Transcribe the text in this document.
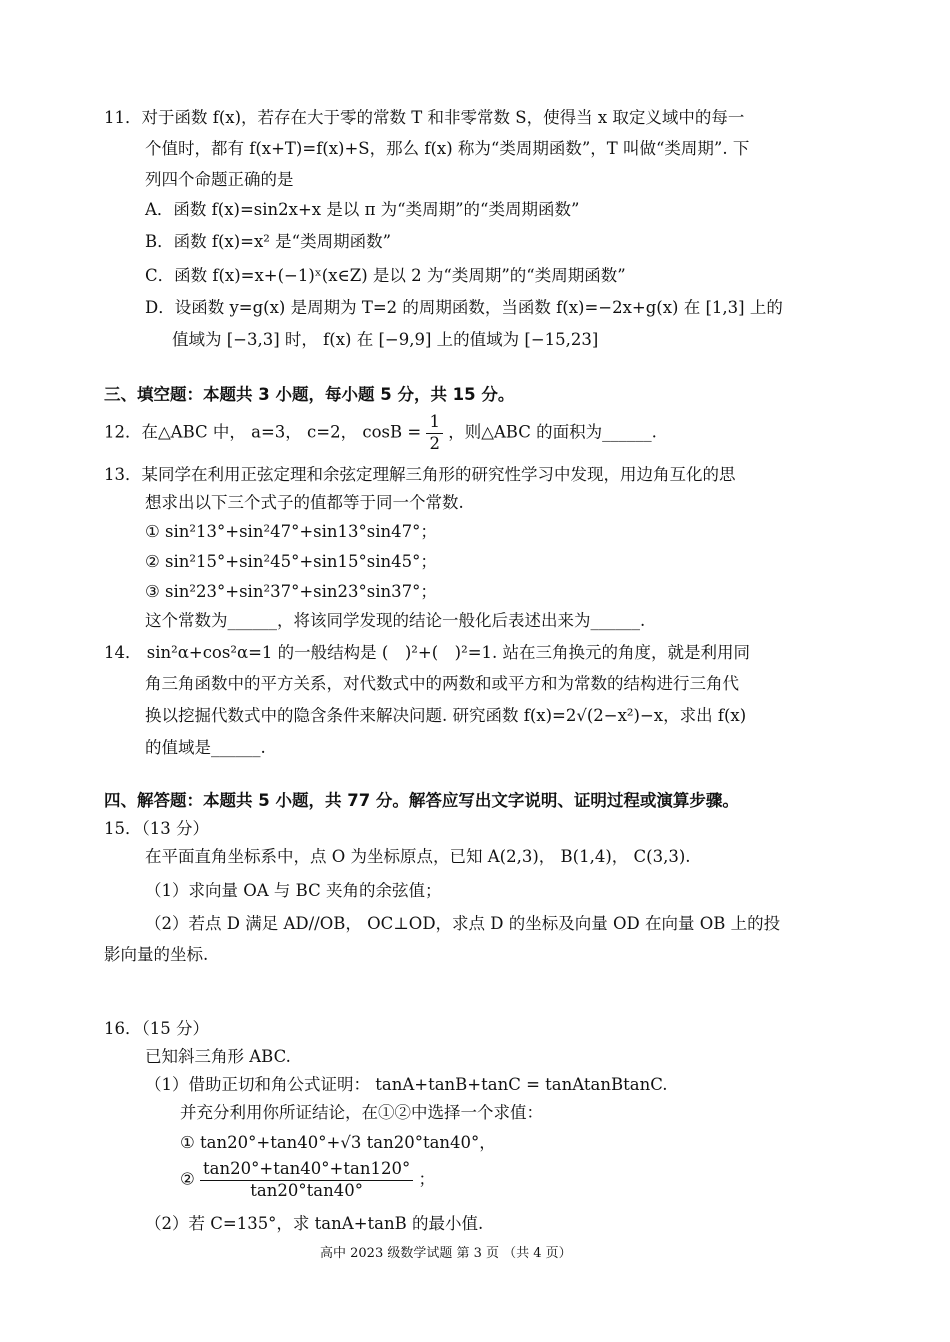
11．对于函数 f(x)，若存在大于零的常数 T 和非零常数 S，使得当 x 取定义域中的每一
个值时，都有 f(x+T)=f(x)+S，那么 f(x) 称为“类周期函数”，T 叫做“类周期”. 下
列四个命题正确的是
A．函数 f(x)=sin2x+x 是以 π 为“类周期”的“类周期函数”
B．函数 f(x)=x² 是“类周期函数”
C．函数 f(x)=x+(−1)ˣ(x∈Z) 是以 2 为“类周期”的“类周期函数”
D．设函数 y=g(x) 是周期为 T=2 的周期函数，当函数 f(x)=−2x+g(x) 在 [1,3] 上的
值域为 [−3,3] 时， f(x) 在 [−9,9] 上的值域为 [−15,23]
三、填空题：本题共 3 小题，每小题 5 分，共 15 分。
12．在△ABC 中， a=3， c=2， $\cos B = \frac{1}{2}$ ，则△ABC 的面积为______.
13．某同学在利用正弦定理和余弦定理解三角形的研究性学习中发现，用边角互化的思
想求出以下三个式子的值都等于同一个常数.
① sin²13°+sin²47°+sin13°sin47°；
② sin²15°+sin²45°+sin15°sin45°；
③ sin²23°+sin²37°+sin23°sin37°；
这个常数为______，将该同学发现的结论一般化后表述出来为______.
14． sin²α+cos²α=1 的一般结构是 (　)²+(　)²=1. 站在三角换元的角度，就是利用同
角三角函数中的平方关系，对代数式中的两数和或平方和为常数的结构进行三角代
换以挖掘代数式中的隐含条件来解决问题. 研究函数 f(x)=2√(2−x²)−x，求出 f(x)
的值域是______.
四、解答题：本题共 5 小题，共 77 分。解答应写出文字说明、证明过程或演算步骤。
15．（13 分）
在平面直角坐标系中，点 O 为坐标原点，已知 A(2,3)， B(1,4)， C(3,3).
（1）求向量 OA 与 BC 夹角的余弦值；
（2）若点 D 满足 AD//OB， OC⊥OD，求点 D 的坐标及向量 OD 在向量 OB 上的投
影向量的坐标.
16．（15 分）
已知斜三角形 ABC.
（1）借助正切和角公式证明： tanA+tanB+tanC = tanAtanBtanC.
并充分利用你所证结论，在①②中选择一个求值：
① tan20°+tan40°+√3 tan20°tan40°，
② $\frac{\tan 20^\circ+\tan 40^\circ+\tan 120^\circ}{\tan 20^\circ\tan 40^\circ}$ ；
（2）若 C=135°，求 tanA+tanB 的最小值.
高中 2023 级数学试题 第 3 页 （共 4 页）
